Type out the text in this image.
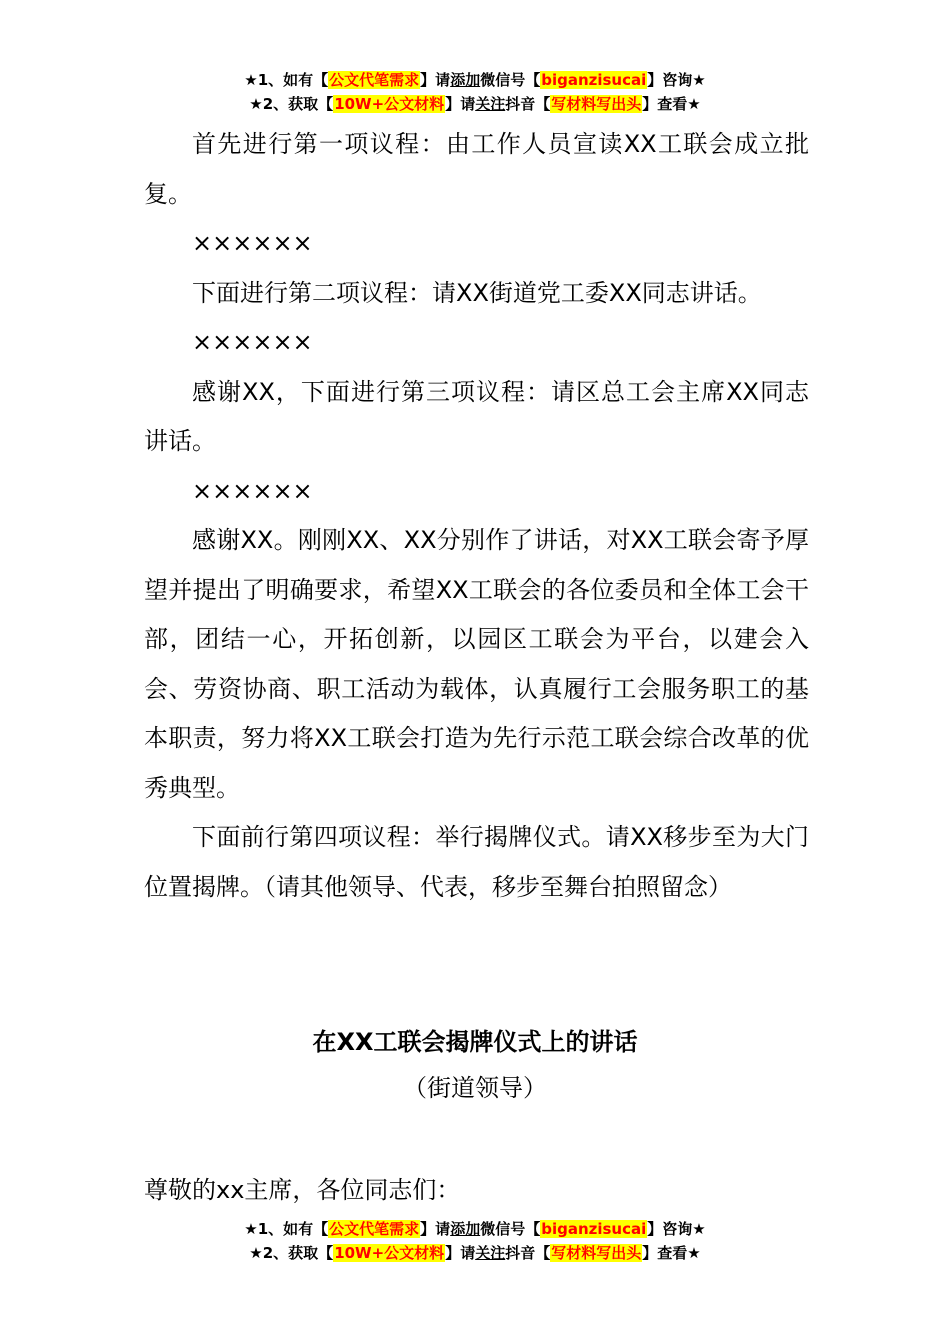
★1、如有【公文代笔需求】请添加微信号【biganzisucai】咨询★
★2、获取【10W+公文材料】请关注抖音【写材料写出头】查看★

首先进行第一项议程：由工作人员宣读XX工联会成立批复。

××××××

下面进行第二项议程：请XX街道党工委XX同志讲话。

××××××

感谢XX，下面进行第三项议程：请区总工会主席XX同志讲话。

××××××

感谢XX。刚刚XX、XX分别作了讲话，对XX工联会寄予厚望并提出了明确要求，希望XX工联会的各位委员和全体工会干部，团结一心，开拓创新，以园区工联会为平台，以建会入会、劳资协商、职工活动为载体，认真履行工会服务职工的基本职责，努力将XX工联会打造为先行示范工联会综合改革的优秀典型。

下面前行第四项议程：举行揭牌仪式。请XX移步至为大门位置揭牌。（请其他领导、代表，移步至舞台拍照留念）

在XX工联会揭牌仪式上的讲话
（街道领导）
尊敬的xx主席，各位同志们：
★1、如有【公文代笔需求】请添加微信号【biganzisucai】咨询★
★2、获取【10W+公文材料】请关注抖音【写材料写出头】查看★
